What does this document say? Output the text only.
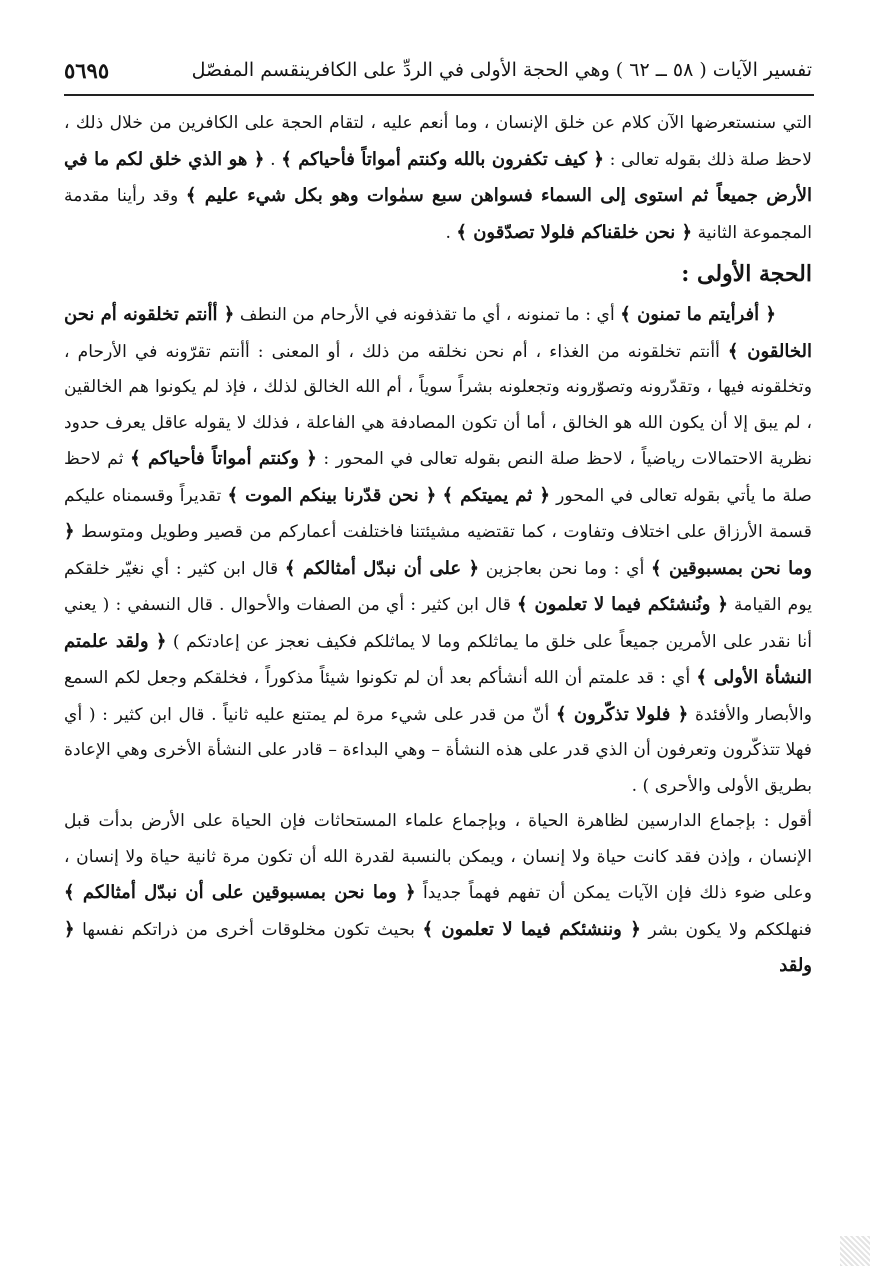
تفسير الآيات ( ٥٨ ــ ٦٢ ) وهي الحجة الأولى في الردِّ على الكافرينقسم المفصّل
٥٦٩٥

التي سنستعرضها الآن كلام عن خلق الإنسان ، وما أنعم عليه ، لتقام الحجة على الكافرين من خلال ذلك ، لاحظ صلة ذلك بقوله تعالى : ﴿ كيف تكفرون بالله وكنتم أمواتاً فأحياكم ﴾ . ﴿ هو الذي خلق لكم ما في الأرض جميعاً ثم استوى إلى السماء فسواهن سبع سمٰوات وهو بكل شيء عليم ﴾ وقد رأينا مقدمة المجموعة الثانية ﴿ نحن خلقناكم فلولا تصدّقون ﴾ .

الحجة الأولى :

﴿ أفرأيتم ما تمنون ﴾ أي : ما تمنونه ، أي ما تقذفونه في الأرحام من النطف ﴿ أأنتم تخلقونه أم نحن الخالقون ﴾ أأنتم تخلقونه من الغذاء ، أم نحن نخلقه من ذلك ، أو المعنى : أأنتم تقرّونه في الأرحام ، وتخلقونه فيها ، وتقدّرونه وتصوّرونه وتجعلونه بشراً سوياً ، أم الله الخالق لذلك ، فإذ لم يكونوا هم الخالقين ، لم يبق إلا أن يكون الله هو الخالق ، أما أن تكون المصادفة هي الفاعلة ، فذلك لا يقوله عاقل يعرف حدود نظرية الاحتمالات رياضياً ، لاحظ صلة النص بقوله تعالى في المحور : ﴿ وكنتم أمواتاً فأحياكم ﴾ ثم لاحظ صلة ما يأتي بقوله تعالى في المحور ﴿ ثم يميتكم ﴾ ﴿ نحن قدّرنا بينكم الموت ﴾ تقديراً وقسمناه عليكم قسمة الأرزاق على اختلاف وتفاوت ، كما تقتضيه مشيئتنا فاختلفت أعماركم من قصير وطويل ومتوسط ﴿ وما نحن بمسبوقين ﴾ أي : وما نحن بعاجزين ﴿ على أن نبدّل أمثالكم ﴾ قال ابن كثير : أي نغيّر خلقكم يوم القيامة ﴿ ونُنشئكم فيما لا تعلمون ﴾ قال ابن كثير : أي من الصفات والأحوال . قال النسفي : ( يعني أنا نقدر على الأمرين جميعاً على خلق ما يماثلكم وما لا يماثلكم فكيف نعجز عن إعادتكم ) ﴿ ولقد علمتم النشأة الأولى ﴾ أي : قد علمتم أن الله أنشأكم بعد أن لم تكونوا شيئاً مذكوراً ، فخلقكم وجعل لكم السمع والأبصار والأفئدة ﴿ فلولا تذكّرون ﴾ أنّ من قدر على شيء مرة لم يمتنع عليه ثانياً . قال ابن كثير : ( أي فهلا تتذكّرون وتعرفون أن الذي قدر على هذه النشأة – وهي البداءة – قادر على النشأة الأخرى وهي الإعادة بطريق الأولى والأحرى ) .

أقول : بإجماع الدارسين لظاهرة الحياة ، وبإجماع علماء المستحاثات فإن الحياة على الأرض بدأت قبل الإنسان ، وإذن فقد كانت حياة ولا إنسان ، ويمكن بالنسبة لقدرة الله أن تكون مرة ثانية حياة ولا إنسان ، وعلى ضوء ذلك فإن الآيات يمكن أن تفهم فهماً جديداً ﴿ وما نحن بمسبوقين على أن نبدّل أمثالكم ﴾ فنهلككم ولا يكون بشر ﴿ وننشئكم فيما لا تعلمون ﴾ بحيث تكون مخلوقات أخرى من ذراتكم نفسها ﴿ ولقد
